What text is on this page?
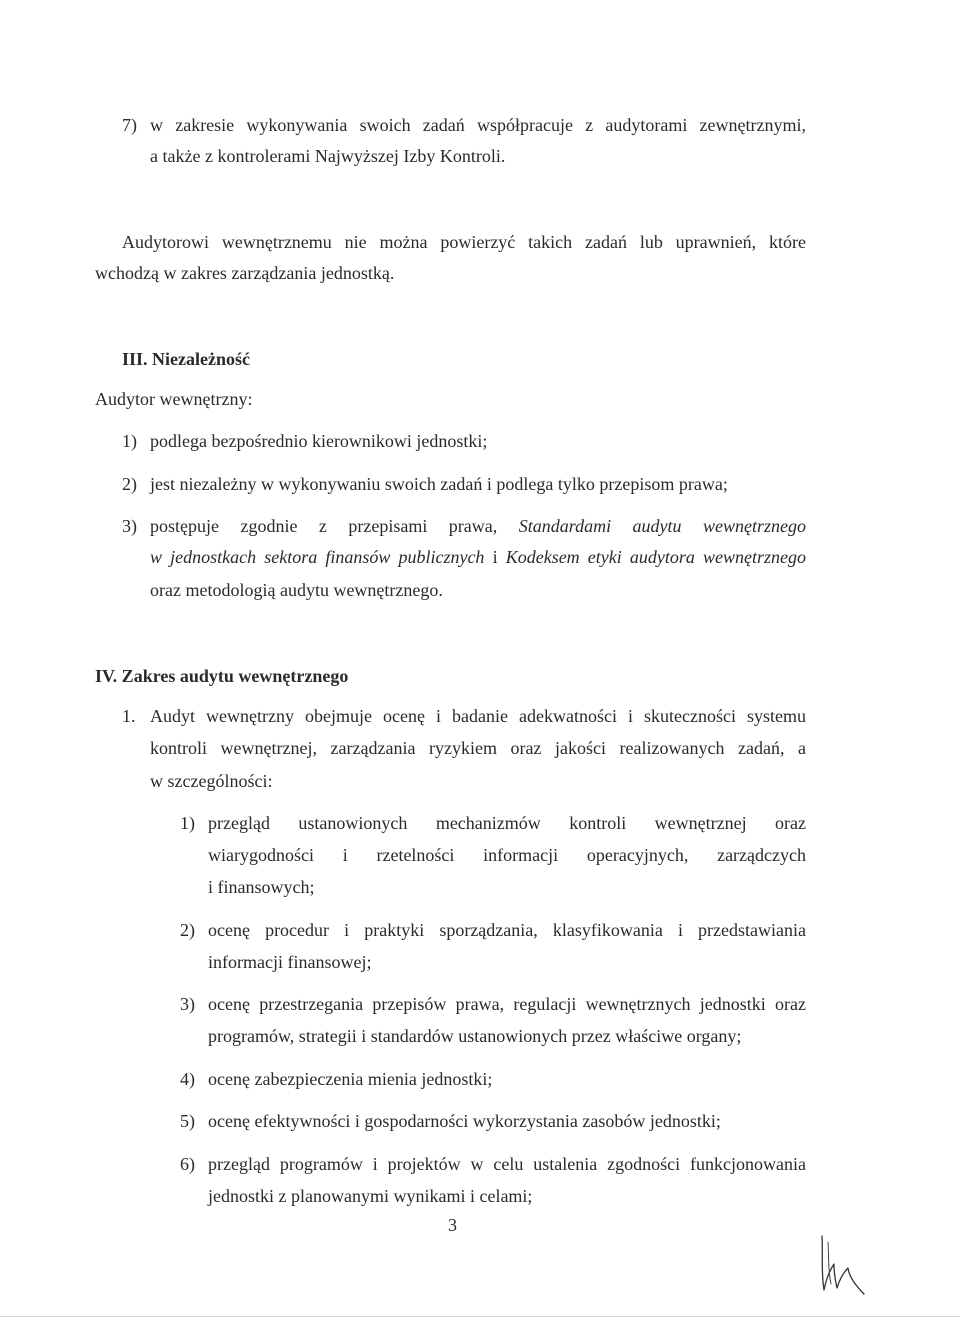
7) w zakresie wykonywania swoich zadań współpracuje z audytorami zewnętrznymi,
a także z kontrolerami Najwyższej Izby Kontroli.
Audytorowi wewnętrznemu nie można powierzyć takich zadań lub uprawnień, które
wchodzą w zakres zarządzania jednostką.
III. Niezależność
Audytor wewnętrzny:
1) podlega bezpośrednio kierownikowi jednostki;
2) jest niezależny w wykonywaniu swoich zadań i podlega tylko przepisom prawa;
3) postępuje zgodnie z przepisami prawa, Standardami audytu wewnętrznego
w jednostkach sektora finansów publicznych i Kodeksem etyki audytora wewnętrznego
oraz metodologią audytu wewnętrznego.
IV. Zakres audytu wewnętrznego
1. Audyt wewnętrzny obejmuje ocenę i badanie adekwatności i skuteczności systemu
kontroli wewnętrznej, zarządzania ryzykiem oraz jakości realizowanych zadań, a
w szczególności:
1) przegląd ustanowionych mechanizmów kontroli wewnętrznej oraz
wiarygodności i rzetelności informacji operacyjnych, zarządczych
i finansowych;
2) ocenę procedur i praktyki sporządzania, klasyfikowania i przedstawiania
informacji finansowej;
3) ocenę przestrzegania przepisów prawa, regulacji wewnętrznych jednostki oraz
programów, strategii i standardów ustanowionych przez właściwe organy;
4) ocenę zabezpieczenia mienia jednostki;
5) ocenę efektywności i gospodarności wykorzystania zasobów jednostki;
6) przegląd programów i projektów w celu ustalenia zgodności funkcjonowania
jednostki z planowanymi wynikami i celami;
3
